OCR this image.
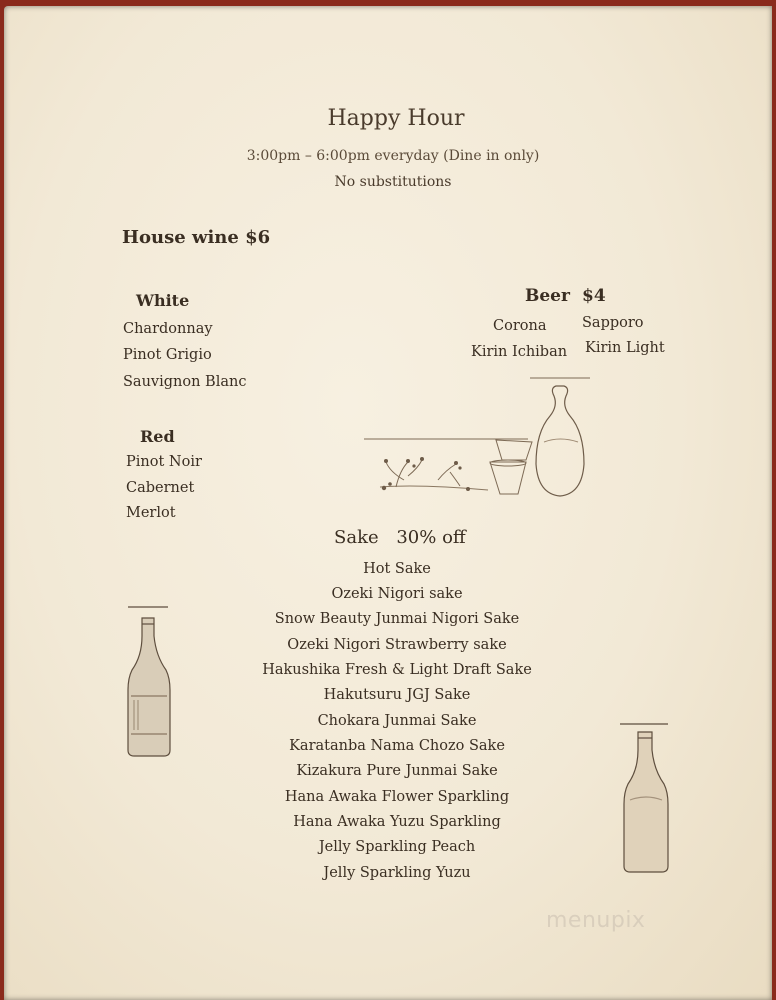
Happy Hour
3:00pm – 6:00pm everyday (Dine in only)
No substitutions
House wine $6
White
Chardonnay
Pinot Grigio
Sauvignon Blanc
Red
Pinot Noir
Cabernet
Merlot
Beer $4
Corona Sapporo
Kirin Ichiban Kirin Light
Sake 30% off
Hot Sake
Ozeki Nigori sake
Snow Beauty Junmai Nigori Sake
Ozeki Nigori Strawberry sake
Hakushika Fresh & Light Draft Sake
Hakutsuru JGJ Sake
Chokara Junmai Sake
Karatanba Nama Chozo Sake
Kizakura Pure Junmai Sake
Hana Awaka Flower Sparkling
Hana Awaka Yuzu Sparkling
Jelly Sparkling Peach
Jelly Sparkling Yuzu
menupix
